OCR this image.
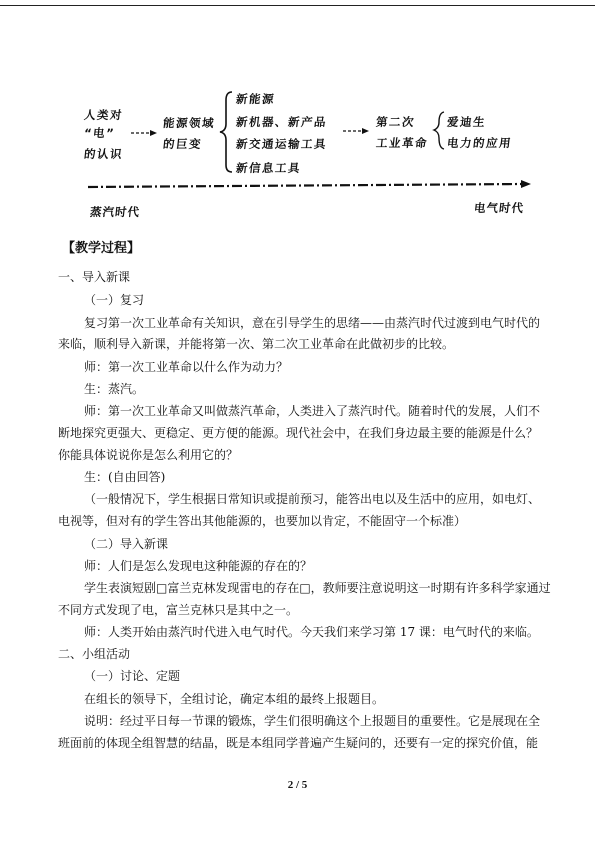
人类对
“电”
的认识
能源领域
的巨变
新能源
新机器、新产品
新交通运输工具
新信息工具
第二次
工业革命
爱迪生
电力的应用
蒸汽时代	电气时代
【教学过程】
一、导入新课
（一）复习
复习第一次工业革命有关知识，意在引导学生的思绪——由蒸汽时代过渡到电气时代的
来临，顺利导入新课，并能将第一次、第二次工业革命在此做初步的比较。
师：第一次工业革命以什么作为动力？
生：蒸汽。
师：第一次工业革命又叫做蒸汽革命，人类进入了蒸汽时代。随着时代的发展，人们不
断地探究更强大、更稳定、更方便的能源。现代社会中，在我们身边最主要的能源是什么？
你能具体说说你是怎么利用它的？
生：(自由回答)
（一般情况下，学生根据日常知识或提前预习，能答出电以及生活中的应用，如电灯、
电视等，但对有的学生答出其他能源的，也要加以肯定，不能固守一个标准）
（二）导入新课
师：人们是怎么发现电这种能源的存在的？
学生表演短剧□富兰克林发现雷电的存在□，教师要注意说明这一时期有许多科学家通过
不同方式发现了电，富兰克林只是其中之一。
师：人类开始由蒸汽时代进入电气时代。今天我们来学习第 17 课：电气时代的来临。
二、小组活动
（一）讨论、定题
在组长的领导下，全组讨论，确定本组的最终上报题目。
说明：经过平日每一节课的锻炼，学生们很明确这个上报题目的重要性。它是展现在全
班面前的体现全组智慧的结晶，既是本组同学普遍产生疑问的，还要有一定的探究价值，能
2 / 5
